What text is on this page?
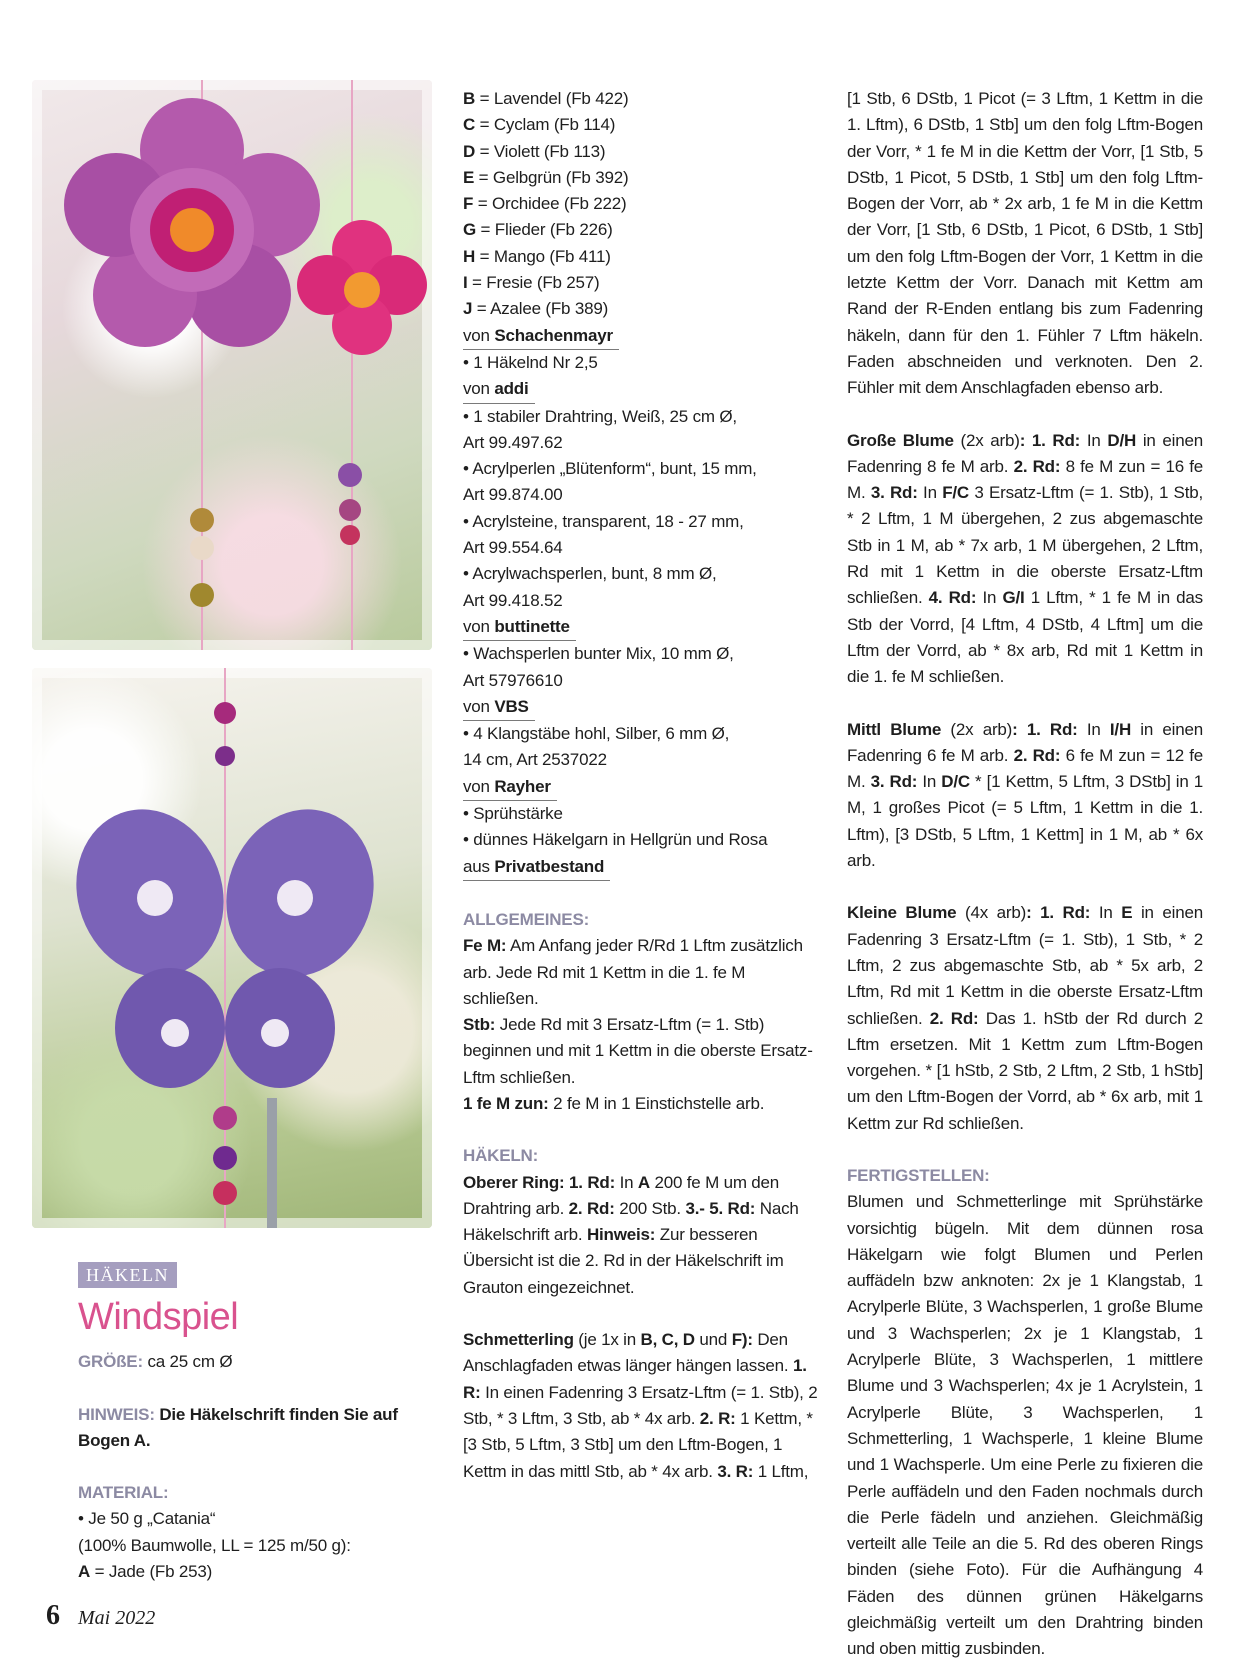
B = Lavendel (Fb 422)

C = Cyclam (Fb 114)

D = Violett (Fb 113)

E = Gelbgrün (Fb 392)

F = Orchidee (Fb 222)

G = Flieder (Fb 226)

H = Mango (Fb 411)

I = Fresie (Fb 257)

J = Azalee (Fb 389)

von Schachenmayr

• 1 Häkelnd Nr 2,5

von addi

• 1 stabiler Drahtring, Weiß, 25 cm Ø,

Art 99.497.62

• Acrylperlen „Blütenform“, bunt, 15 mm,

Art 99.874.00

• Acrylsteine, transparent, 18 - 27 mm,

Art 99.554.64

• Acrylwachsperlen, bunt, 8 mm Ø,

Art 99.418.52

von buttinette

• Wachsperlen bunter Mix, 10 mm Ø,

Art 57976610

von VBS

• 4 Klangstäbe hohl, Silber, 6 mm Ø,

14 cm, Art 2537022

von Rayher

• Sprühstärke

• dünnes Häkelgarn in Hellgrün und Rosa

aus Privatbestand

ALLGEMEINES:

Fe M: Am Anfang jeder R/Rd 1 Lftm zusätzlich arb. Jede Rd mit 1 Kettm in die 1. fe M schließen.

Stb: Jede Rd mit 3 Ersatz-Lftm (= 1. Stb) beginnen und mit 1 Kettm in die oberste Ersatz-Lftm schließen.

1 fe M zun: 2 fe M in 1 Einstichstelle arb.

HÄKELN:

Oberer Ring: 1. Rd: In A 200 fe M um den Drahtring arb. 2. Rd: 200 Stb. 3.- 5. Rd: Nach Häkelschrift arb. Hinweis: Zur besseren Übersicht ist die 2. Rd in der Häkelschrift im Grauton eingezeichnet.

Schmetterling (je 1x in B, C, D und F): Den Anschlagfaden etwas länger hängen lassen. 1. R: In einen Fadenring 3 Ersatz-Lftm (= 1. Stb), 2 Stb, * 3 Lftm, 3 Stb, ab * 4x arb. 2. R: 1 Kettm, * [3 Stb, 5 Lftm, 3 Stb] um den Lftm-Bogen, 1 Kettm in das mittl Stb, ab * 4x arb. 3. R: 1 Lftm,

[1 Stb, 6 DStb, 1 Picot (= 3 Lftm, 1 Kettm in die 1. Lftm), 6 DStb, 1 Stb] um den folg Lftm-Bogen der Vorr, * 1 fe M in die Kettm der Vorr, [1 Stb, 5 DStb, 1 Picot, 5 DStb, 1 Stb] um den folg Lftm-Bogen der Vorr, ab * 2x arb, 1 fe M in die Kettm der Vorr, [1 Stb, 6 DStb, 1 Picot, 6 DStb, 1 Stb] um den folg Lftm-Bogen der Vorr, 1 Kettm in die letzte Kettm der Vorr. Danach mit Kettm am Rand der R-Enden entlang bis zum Fadenring häkeln, dann für den 1. Fühler 7 Lftm häkeln. Faden abschneiden und verknoten. Den 2. Fühler mit dem Anschlagfaden ebenso arb.

Große Blume (2x arb): 1. Rd: In D/H in einen Fadenring 8 fe M arb. 2. Rd: 8 fe M zun = 16 fe M. 3. Rd: In F/C 3 Ersatz-Lftm (= 1. Stb), 1 Stb, * 2 Lftm, 1 M übergehen, 2 zus abgemaschte Stb in 1 M, ab * 7x arb, 1 M übergehen, 2 Lftm, Rd mit 1 Kettm in die oberste Ersatz-Lftm schließen. 4. Rd: In G/I 1 Lftm, * 1 fe M in das Stb der Vorrd, [4 Lftm, 4 DStb, 4 Lftm] um die Lftm der Vorrd, ab * 8x arb, Rd mit 1 Kettm in die 1. fe M schließen.

Mittl Blume (2x arb): 1. Rd: In I/H in einen Fadenring 6 fe M arb. 2. Rd: 6 fe M zun = 12 fe M. 3. Rd: In D/C * [1 Kettm, 5 Lftm, 3 DStb] in 1 M, 1 großes Picot (= 5 Lftm, 1 Kettm in die 1. Lftm), [3 DStb, 5 Lftm, 1 Kettm] in 1 M, ab * 6x arb.

Kleine Blume (4x arb): 1. Rd: In E in einen Fadenring 3 Ersatz-Lftm (= 1. Stb), 1 Stb, * 2 Lftm, 2 zus abgemaschte Stb, ab * 5x arb, 2 Lftm, Rd mit 1 Kettm in die oberste Ersatz-Lftm schließen. 2. Rd: Das 1. hStb der Rd durch 2 Lftm ersetzen. Mit 1 Kettm zum Lftm-Bogen vorgehen. * [1 hStb, 2 Stb, 2 Lftm, 2 Stb, 1 hStb] um den Lftm-Bogen der Vorrd, ab * 6x arb, mit 1 Kettm zur Rd schließen.

FERTIGSTELLEN:

Blumen und Schmetterlinge mit Sprühstärke vorsichtig bügeln. Mit dem dünnen rosa Häkelgarn wie folgt Blumen und Perlen auffädeln bzw anknoten: 2x je 1 Klangstab, 1 Acrylperle Blüte, 3 Wachsperlen, 1 große Blume und 3 Wachsperlen; 2x je 1 Klangstab, 1 Acrylperle Blüte, 3 Wachsperlen, 1 mittlere Blume und 3 Wachsperlen; 4x je 1 Acrylstein, 1 Acrylperle Blüte, 3 Wachsperlen, 1 Schmetterling, 1 Wachsperle, 1 kleine Blume und 1 Wachsperle. Um eine Perle zu fixieren die Perle auffädeln und den Faden nochmals durch die Perle fädeln und anziehen. Gleichmäßig verteilt alle Teile an die 5. Rd des oberen Rings binden (siehe Foto). Für die Aufhängung 4 Fäden des dünnen grünen Häkelgarns gleichmäßig verteilt um den Drahtring binden und oben mittig zusbinden.

HÄKELN
Windspiel

GRÖßE: ca 25 cm Ø

HINWEIS: Die Häkelschrift finden Sie auf Bogen A.

MATERIAL:

• Je 50 g „Catania“

(100% Baumwolle, LL = 125 m/50 g):

A = Jade (Fb 253)

6 Mai 2022
